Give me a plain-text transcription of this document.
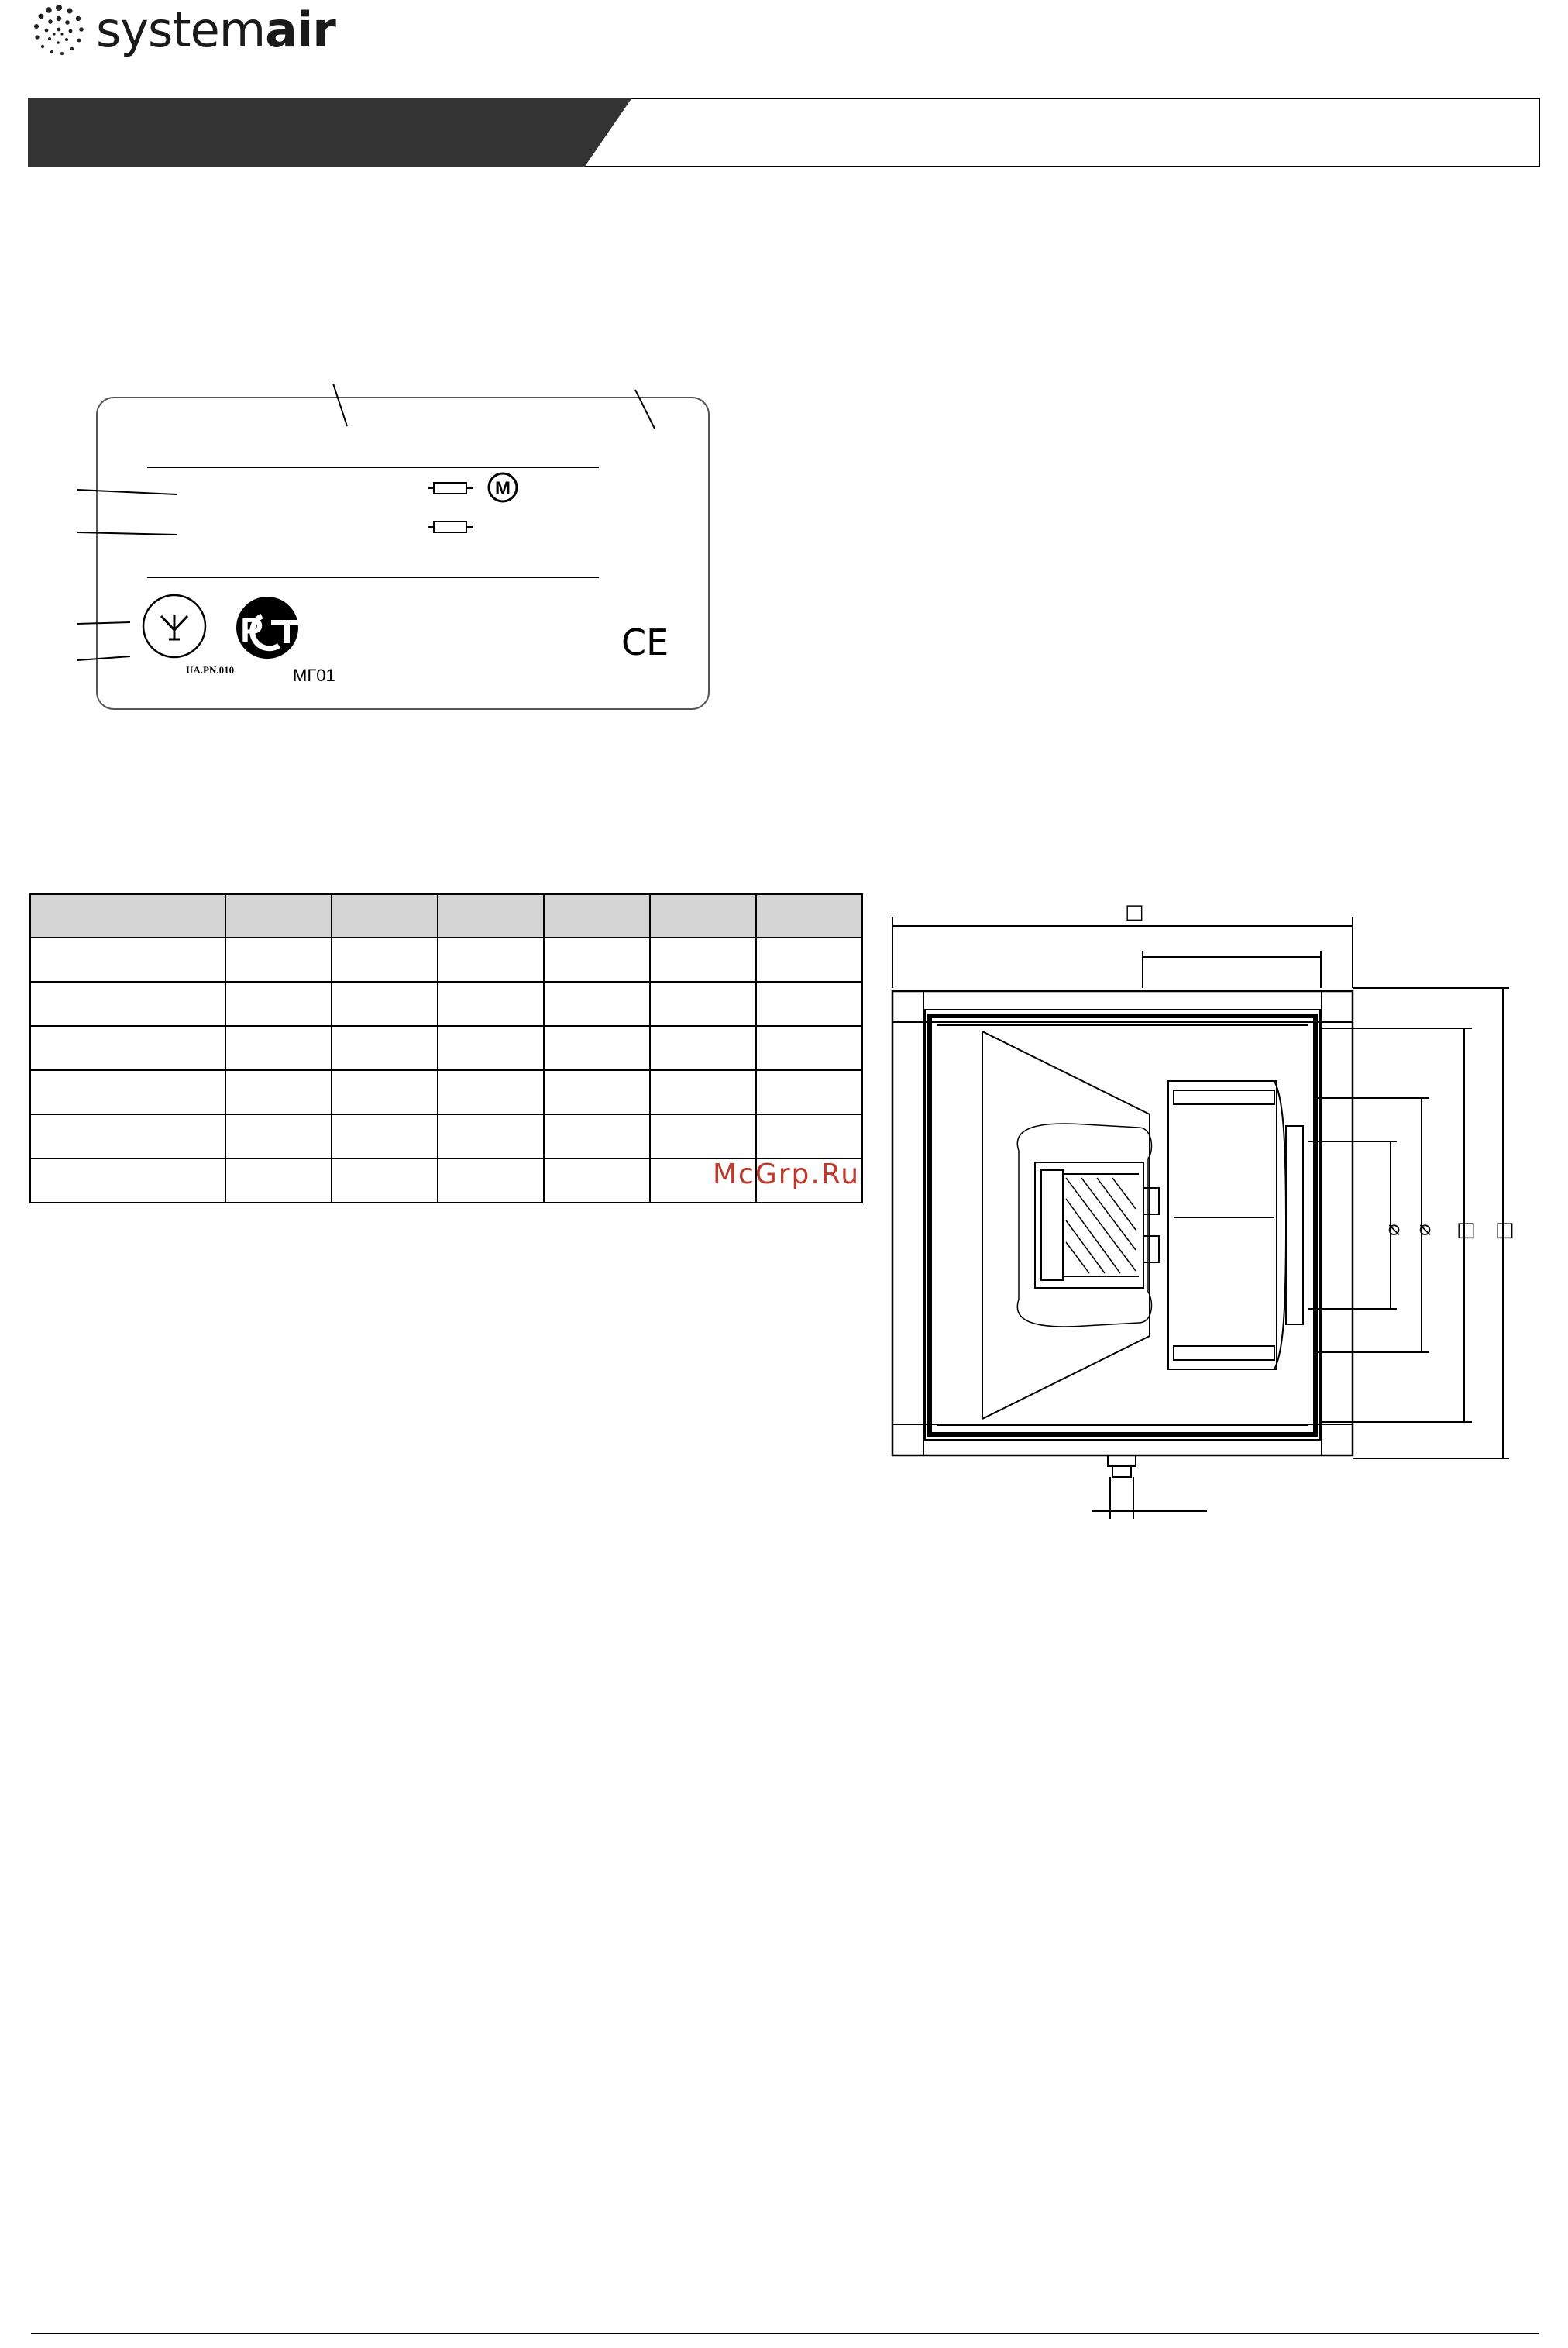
systemair
M
Р	CE
UA.PN.010	МГ01

McGrp.Ru
□
⌀ ⌀ □ □
